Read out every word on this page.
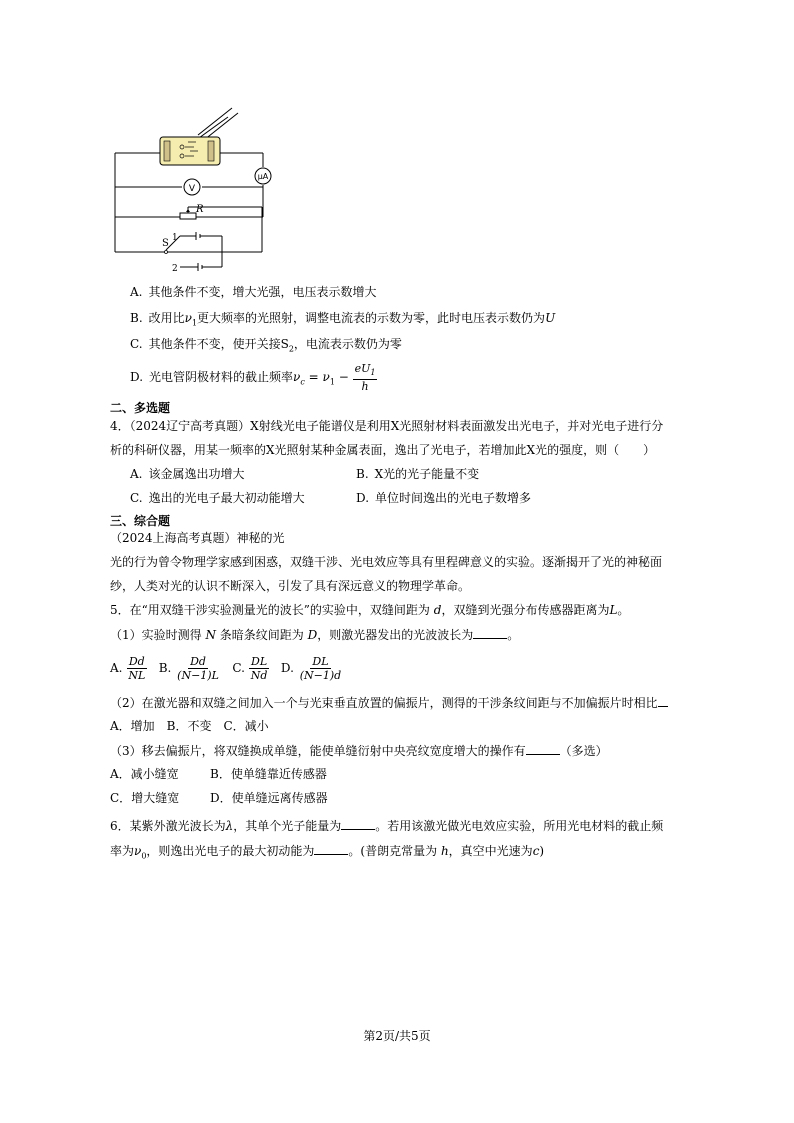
μA
V
R
S 1
2
A. 其他条件不变，增大光强，电压表示数增大
B. 改用比$\nu_1$更大频率的光照射，调整电流表的示数为零，此时电压表示数仍为U
C. 其他条件不变，使开关接$S_2$，电流表示数仍为零
D. 光电管阴极材料的截止频率$\nu_c = \nu_1 - \frac{eU_1}{h}$
二、多选题
4．（2024辽宁高考真题）X射线光电子能谱仪是利用X光照射材料表面激发出光电子，并对光电子进行分
析的科研仪器，用某一频率的X光照射某种金属表面，逸出了光电子，若增加此X光的强度，则（　　）
A. 该金属逸出功增大	B. X光的光子能量不变
C. 逸出的光电子最大初动能增大	D. 单位时间逸出的光电子数增多
三、综合题
（2024上海高考真题）神秘的光
光的行为曾令物理学家感到困惑，双缝干涉、光电效应等具有里程碑意义的实验。逐渐揭开了光的神秘面
纱，人类对光的认识不断深入，引发了具有深远意义的物理学革命。
5．在“用双缝干涉实验测量光的波长”的实验中，双缝间距为 d，双缝到光强分布传感器距离为L。
（1）实验时测得 N 条暗条纹间距为 D，则激光器发出的光波波长为	。
A. $\frac{Dd}{NL} B$. $\frac{Dd}{(N-1)L} C$. $\frac{DL}{Nd} D$. $\frac{DL}{(N-1)d}$
（2）在激光器和双缝之间加入一个与光束垂直放置的偏振片，测得的干涉条纹间距与不加偏振片时相比
A．增加　B．不变　C．减小
（3）移去偏振片，将双缝换成单缝，能使单缝衍射中央亮纹宽度增大的操作有	（多选）
A．减小缝宽	B．使单缝靠近传感器
C．增大缝宽	D．使单缝远离传感器
6．某紫外激光波长为λ，其单个光子能量为	。若用该激光做光电效应实验，所用光电材料的截止频
率为$\nu_0$，则逸出光电子的最大初动能为	。(普朗克常量为 h，真空中光速为c)
第2页/共5页
